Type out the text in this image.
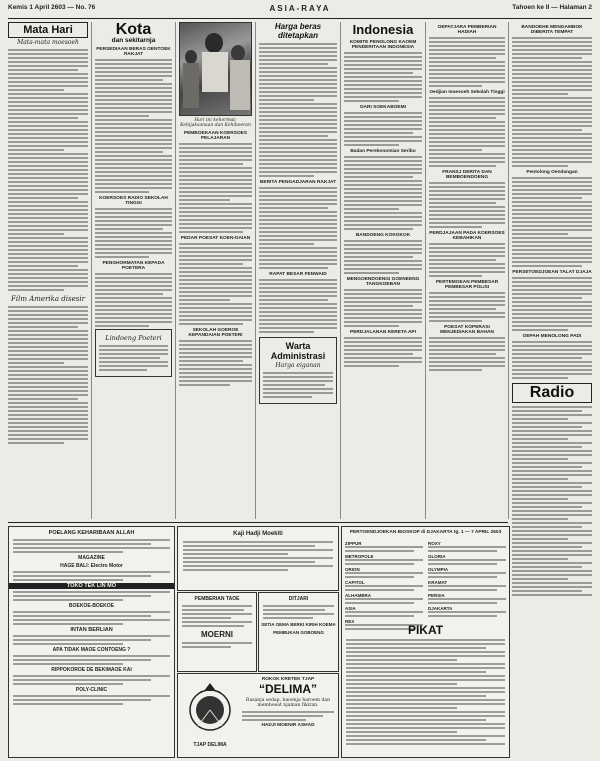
Kemis 1 April 2603 — No. 76	ASIA-RAYA	Tahoen ke II — Halaman 2
Mata Hari
Mata-mata moesoeh
Film Amerika disesir
Kota
dan sekitarnja
PERSEDIAAN BERAS OENTOEK RAKJAT
KOERSOES RADIO SEKOLAH TINGGI
PENGHORMATAN KEPADA POETERA
Lindoeng Poeteri
Hari ini kehormat: Kebijaksanaan dan Kehiboeran
PEMBOEKAAN KOERSOES PELAJARAN
PEDAR POESAT KOEN-DAIAN
SEKOLAH GOEROE KEPANDAIAN POETERI
Harga beras ditetapkan
BERITA PENGADJARAN RAKJAT
RAPAT BESAR FENWAID
Warta Administrasi
Harga eiganan
Indonesia
KOMITE PENOLONG KAOEM PENDERITAAN INDONESIA
DARI SOEKABOEMI
Badan Perekonomian Seribu
BANDOENG KOKOKOK
MENGOENDOENGI GOENEENG TANGKOEBAN
PERDJALANAN KERETA API
OEPATJARA PEMBERIAN HADIAH
Oedjian moesoeh Sekolah Tinggi
FRANSJ DERITA DAN BEMBOENDOENG
PERDJAJAAN PADA KOERSOES KEBAHIKAN
PERTEMOEAN PEMBESAR PEMBESAR POLISI
POESAT KOPERASI MENJEDIAKAN BAHAN
BANDOEHE MENGAMBOK DIBERITA TEMPAT
Pentolong Oendangan
PERSETOEDJOEAN TALAT DJAJA
OEPAH MENOLONG PADI
Radio
POELANG KEHARIBAAN ALLAH
MAGAZINE
HAGE BALI: Electro Motor
TOKO TEK LIN MO
BOEKOE-BOEKOE
INTAN BERLIAN
APA TIDAK MAOE CONTOENG ?
RIPPOKOROE DE BEKIMAOE KAI
POLY-CLINIC
Kaji Hadji Moekiti
PEMBERIAN TAOE
MOERNI
DITJARI
SETIA OEMA BERKI KIRIH KOEMA
PEMBUKAN GOBOENG
TJAP DELIMA
ROKOK KRETEK TJAP
“DELIMA”
Rasanja sedap, baoenja haroem dan memboeat njaman fikiran.
HADJI MOENIR ASHAD
PERTOENDJOEKAN BIOSKOP di DJAKARTA tg. 1 — 7 APRIL 2603
ZIPPUR
METROPOLE
ORION
CAPITOL
ALHAMBRA
ASIA
REX
ROXY
GLORIA
OLYMPIA
KRAMAT
PERSIA
DJAKARTA
PIKAT
